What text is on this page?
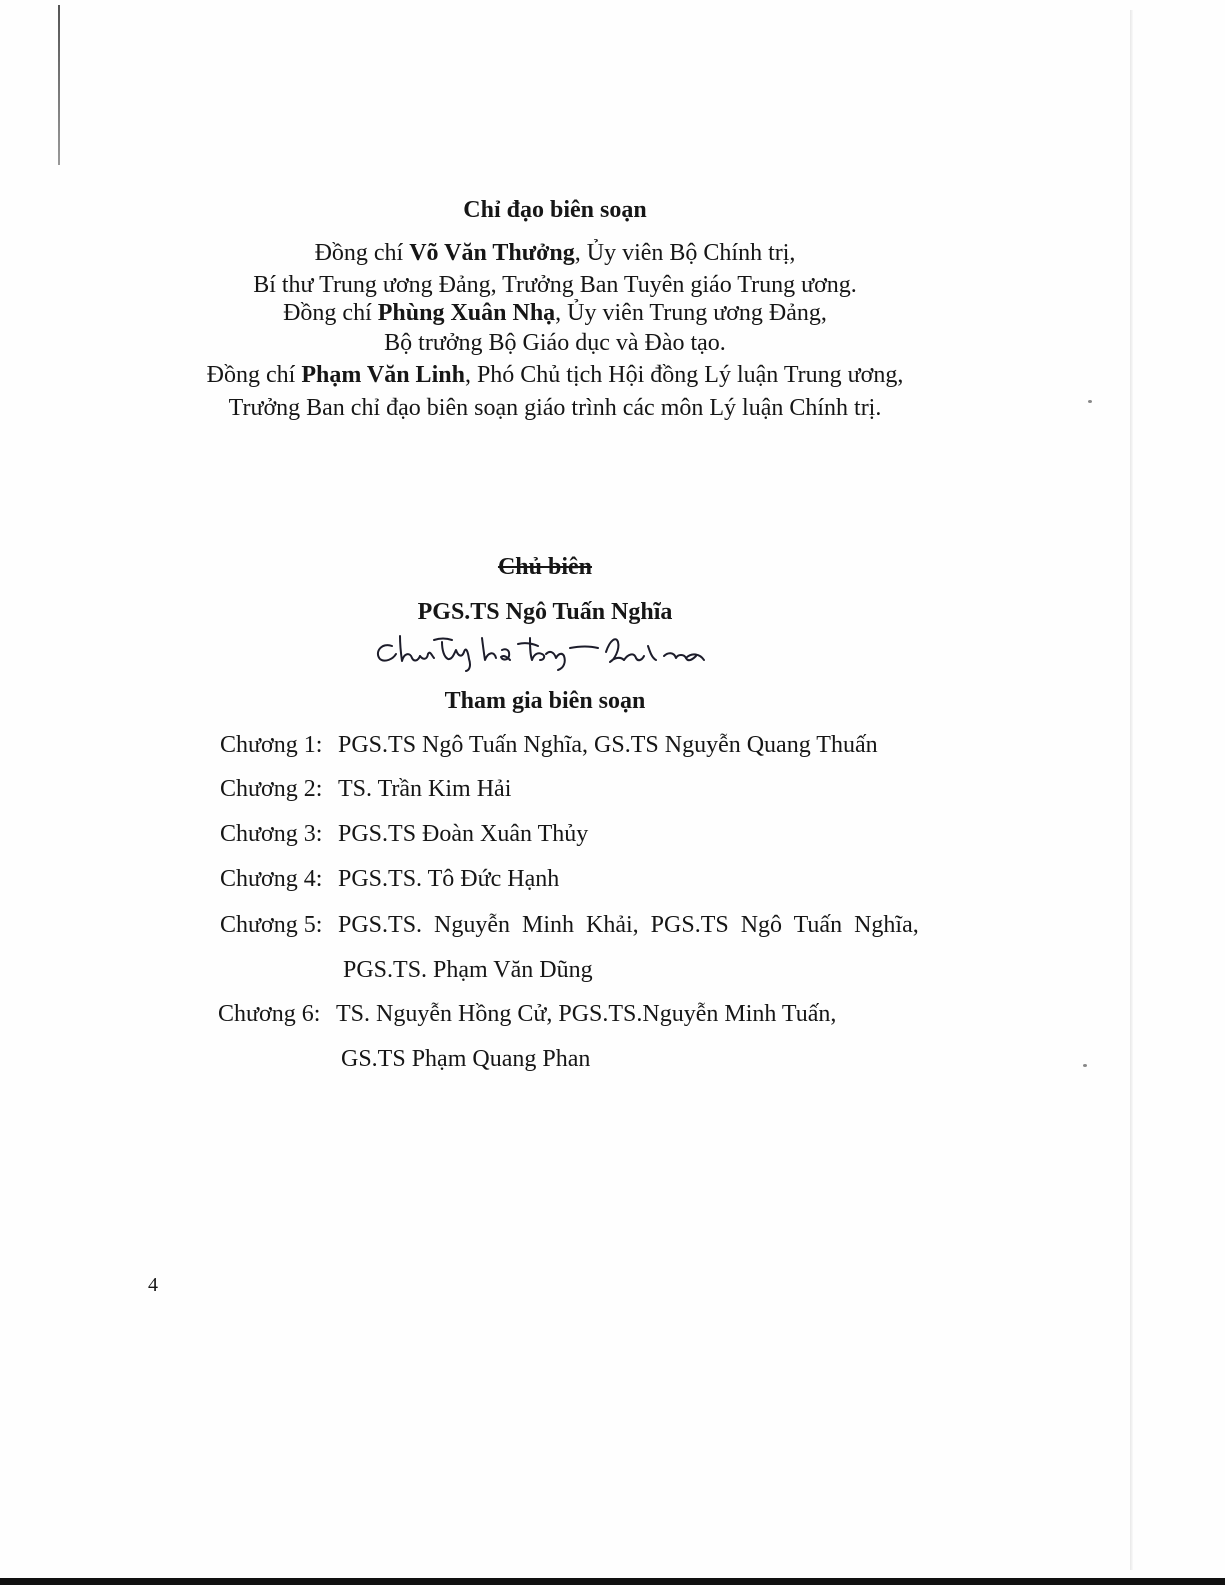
Chỉ đạo biên soạn
Đồng chí Võ Văn Thưởng, Ủy viên Bộ Chính trị,
Bí thư Trung ương Đảng, Trưởng Ban Tuyên giáo Trung ương.
Đồng chí Phùng Xuân Nhạ, Ủy viên Trung ương Đảng,
Bộ trưởng Bộ Giáo dục và Đào tạo.
Đồng chí Phạm Văn Linh, Phó Chủ tịch Hội đồng Lý luận Trung ương,
Trưởng Ban chỉ đạo biên soạn giáo trình các môn Lý luận Chính trị.
Chủ biên
PGS.TS Ngô Tuấn Nghĩa
Tham gia biên soạn
Chương 1: PGS.TS Ngô Tuấn Nghĩa, GS.TS Nguyễn Quang Thuấn
Chương 2: TS. Trần Kim Hải
Chương 3: PGS.TS Đoàn Xuân Thủy
Chương 4: PGS.TS. Tô Đức Hạnh
Chương 5: PGS.TS. Nguyễn Minh Khải, PGS.TS Ngô Tuấn Nghĩa,
PGS.TS. Phạm Văn Dũng
Chương 6: TS. Nguyễn Hồng Cử, PGS.TS.Nguyễn Minh Tuấn,
GS.TS Phạm Quang Phan
4
